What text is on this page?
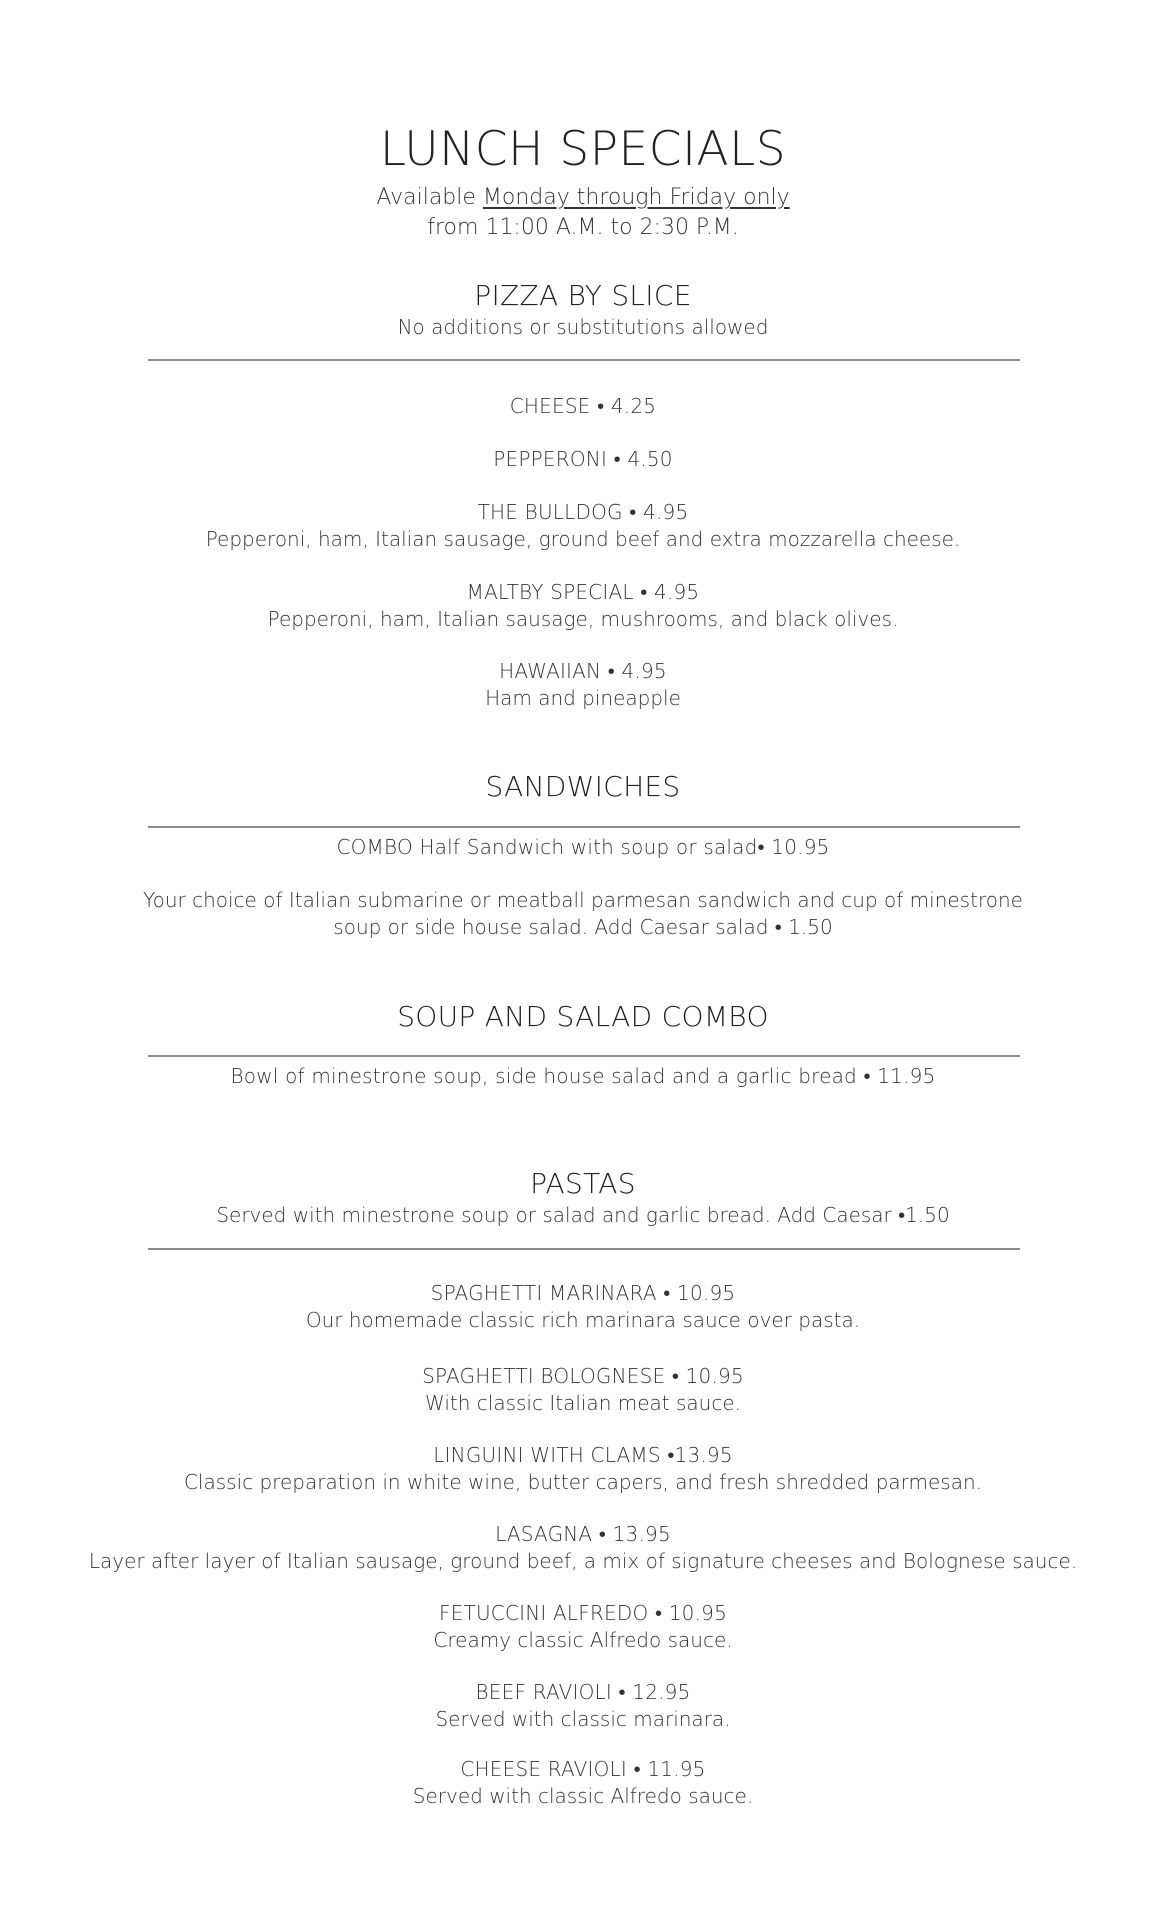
LUNCH SPECIALS
Available Monday through Friday only
from 11:00 A.M. to 2:30 P.M.
PIZZA BY SLICE
No additions or substitutions allowed
CHEESE • 4.25
PEPPERONI • 4.50
THE BULLDOG • 4.95
Pepperoni, ham, Italian sausage, ground beef and extra mozzarella cheese.
MALTBY SPECIAL • 4.95
Pepperoni, ham, Italian sausage, mushrooms, and black olives.
HAWAIIAN • 4.95
Ham and pineapple
SANDWICHES
COMBO Half Sandwich with soup or salad• 10.95
Your choice of Italian submarine or meatball parmesan sandwich and cup of minestrone soup or side house salad. Add Caesar salad • 1.50
SOUP AND SALAD COMBO
Bowl of minestrone soup, side house salad and a garlic bread • 11.95
PASTAS
Served with minestrone soup or salad and garlic bread. Add Caesar •1.50
SPAGHETTI MARINARA • 10.95
Our homemade classic rich marinara sauce over pasta.
SPAGHETTI BOLOGNESE • 10.95
With classic Italian meat sauce.
LINGUINI WITH CLAMS •13.95
Classic preparation in white wine, butter capers, and fresh shredded parmesan.
LASAGNA • 13.95
Layer after layer of Italian sausage, ground beef, a mix of signature cheeses and Bolognese sauce.
FETUCCINI ALFREDO • 10.95
Creamy classic Alfredo sauce.
BEEF RAVIOLI • 12.95
Served with classic marinara.
CHEESE RAVIOLI • 11.95
Served with classic Alfredo sauce.
